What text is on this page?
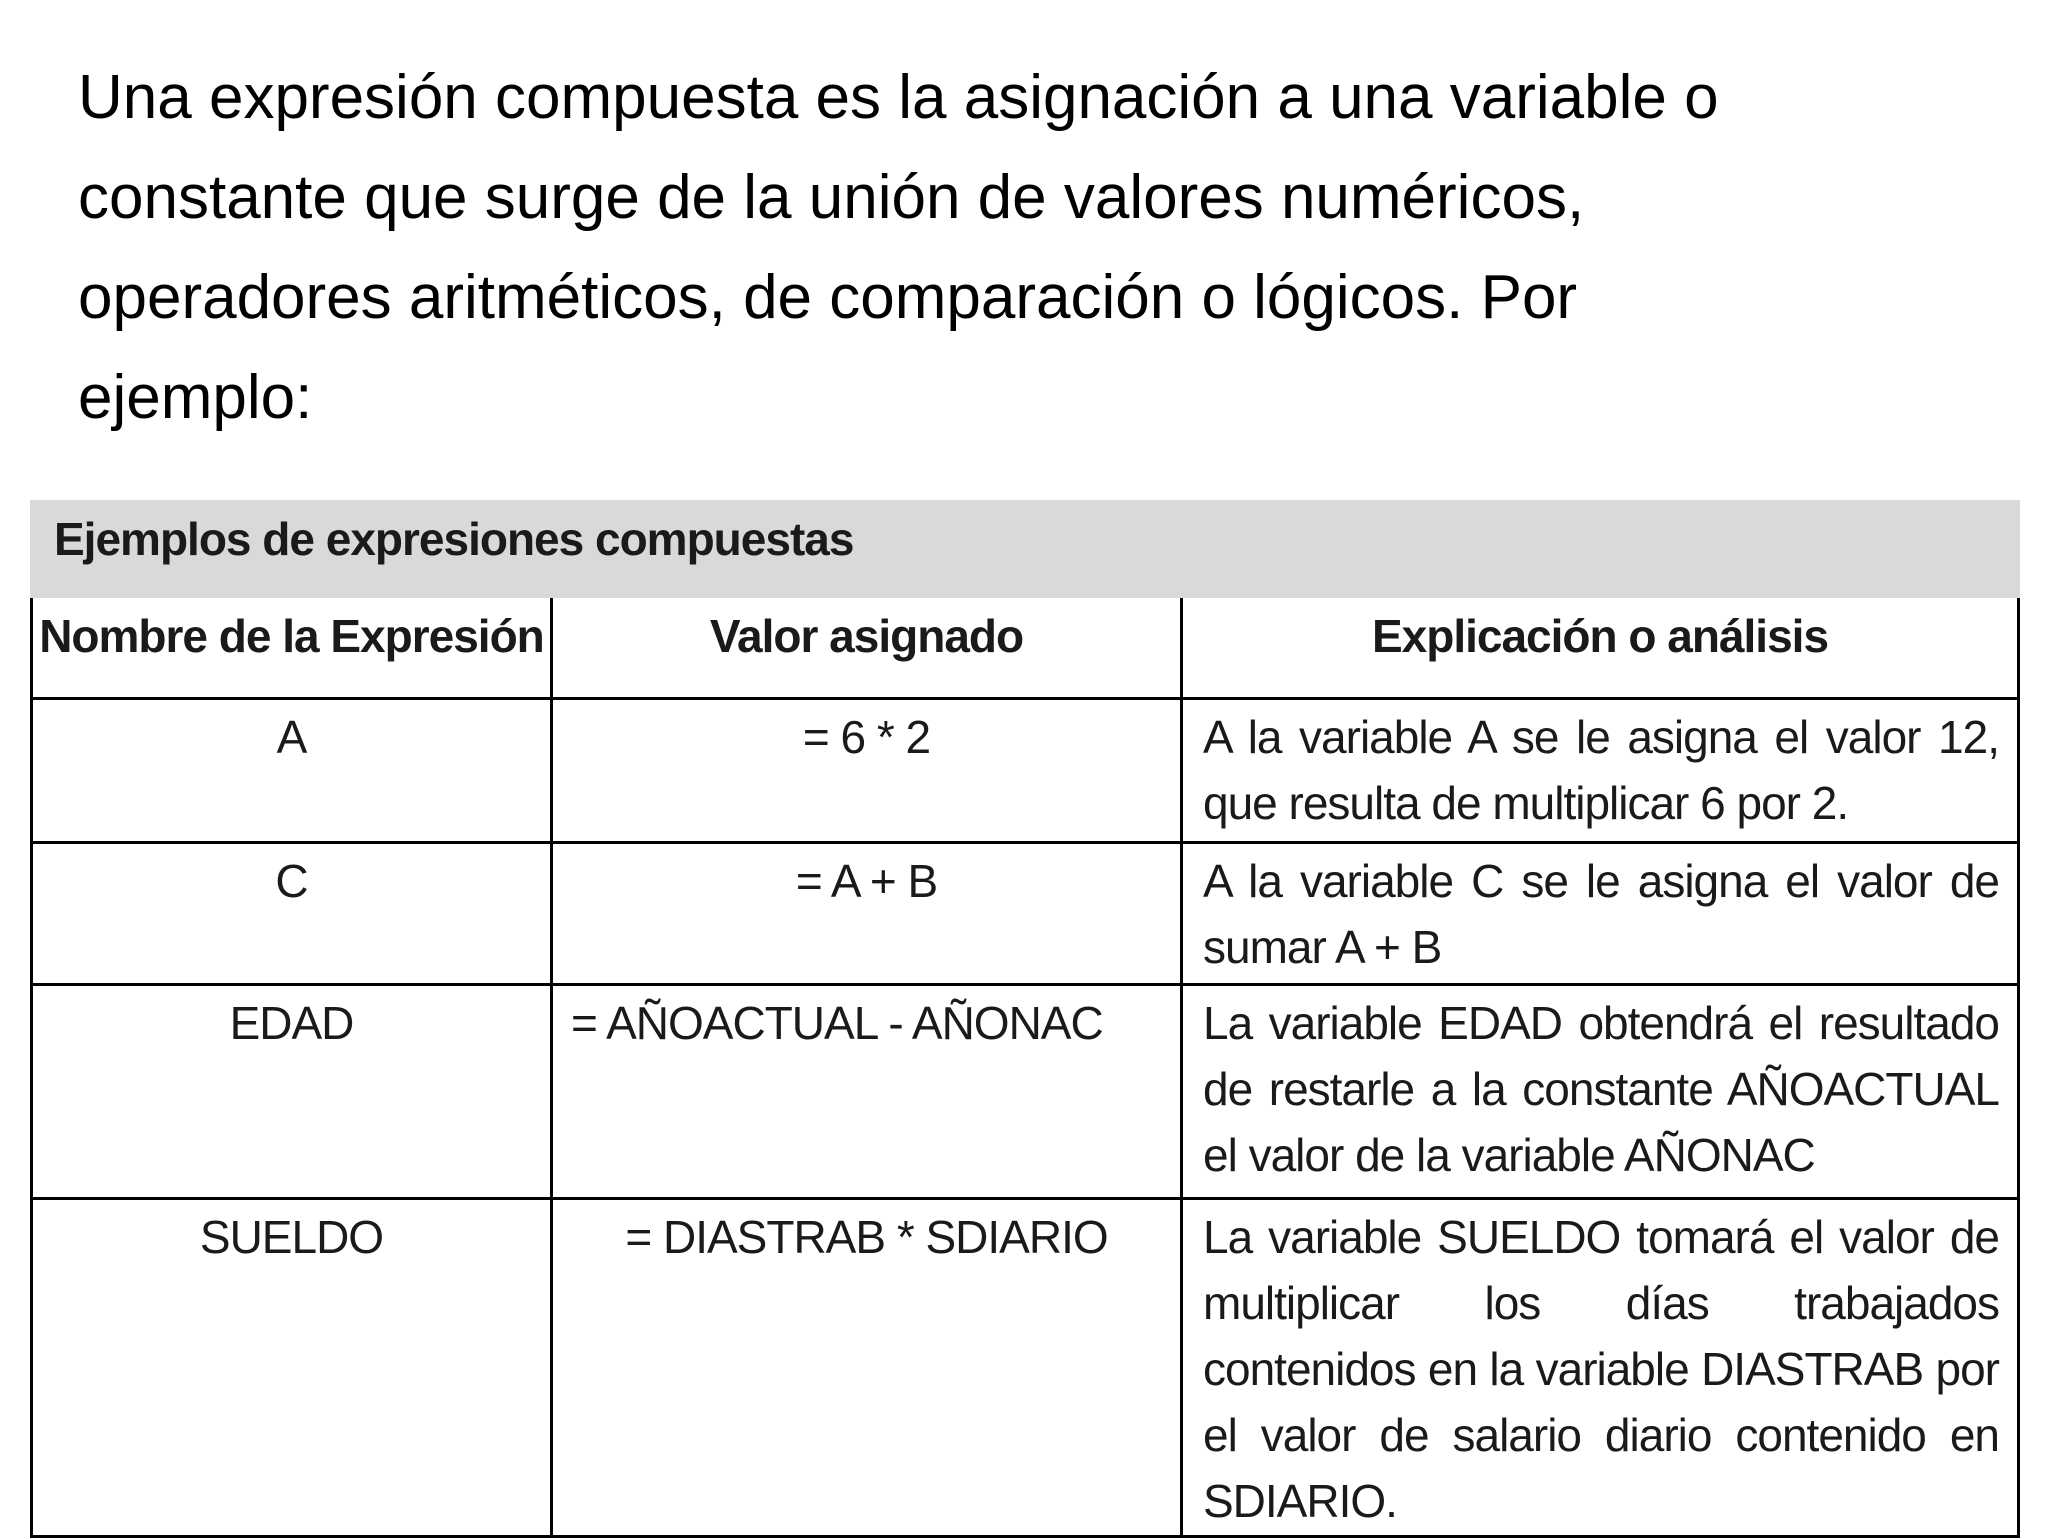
Una expresión compuesta es la asignación a una variable o
constante que surge de la unión de valores numéricos,
operadores aritméticos, de comparación o lógicos. Por
ejemplo:
Ejemplos de expresiones compuestas
Nombre de la Expresión	Valor asignado	Explicación o análisis
A	= 6 * 2	A la variable A se le asigna el valor 12, que resulta de multiplicar 6 por 2.
C	= A + B	A la variable C se le asigna el valor de sumar A + B
EDAD	= AÑOACTUAL - AÑONAC	La variable EDAD obtendrá el resultado de restarle a la constante AÑOACTUAL el valor de la variable AÑONAC
SUELDO	= DIASTRAB * SDIARIO	La variable SUELDO tomará el valor de multiplicar los días trabajados contenidos en la variable DIASTRAB por el valor de salario diario contenido en SDIARIO.
